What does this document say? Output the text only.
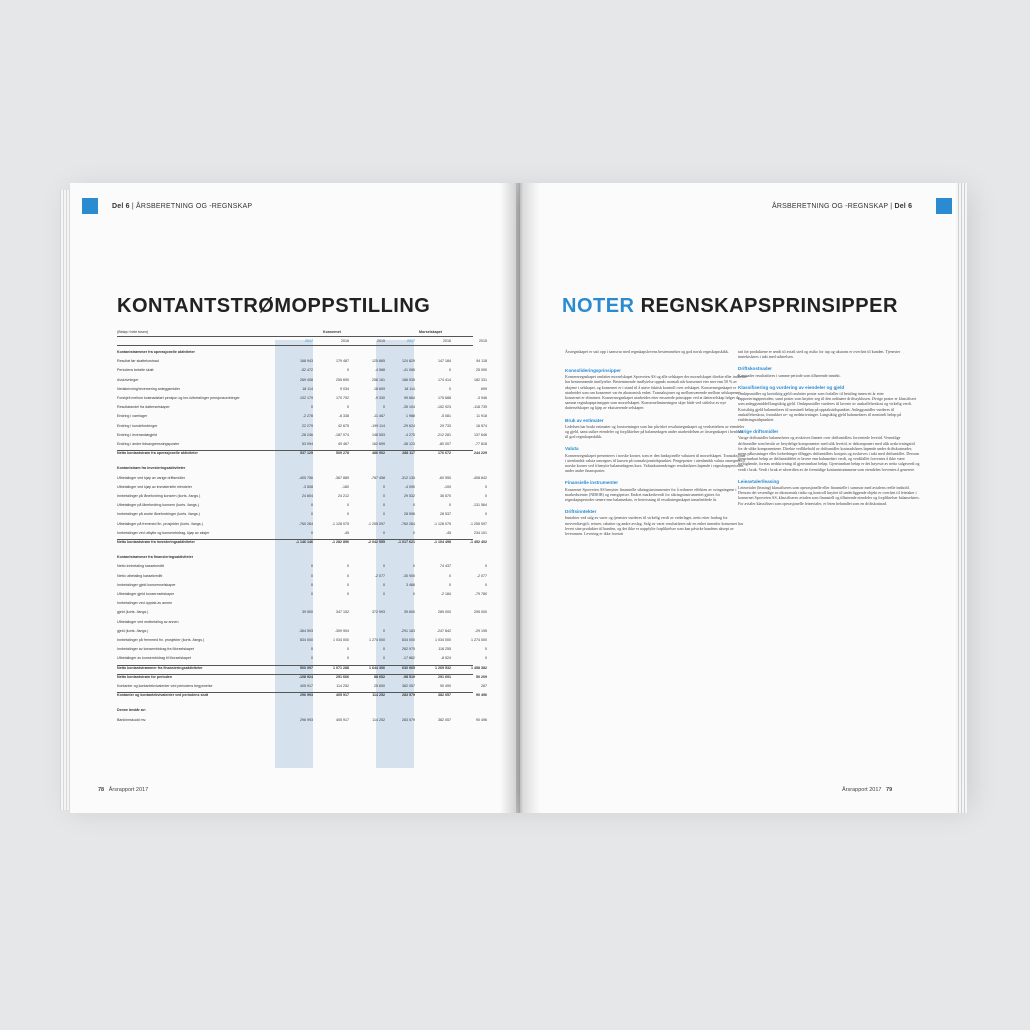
Del 6 | ÅRSBERETNING OG -REGNSKAP
KONTANTSTRØMOPPSTILLING
(Beløp i hele tusen)	Konsernet	Morselskapet
2017	2016	2015	2017	2016	2015
Kontantstrømmer fra operasjonelle aktiviteter
Resultat før skattekostnad	168 943	179 487	125 865	124 829	147 184	94 118
Periodens betalte skatt	-52 472	0	-4 588	-41 085	0	25 090
Avskrivninger	269 408	255 690	256 181	186 535	174 414	182 331
Nedskrivning/reversering anleggsmidler	18 114	9 034	18 609	18 114	0	699
Forskjell mellom kostnadsført pensjon og inn-/utbetalinger pensjonsordninger	102 179	170 792	-9 330	99 664	175 688	-3 946
Resultatandel fra datterselskaper	0	0	0	-35 104	-152 923	-118 739
Endring i varelager	-2 278	-6 338	-11 467	1 988	-5 081	11 918
Endring i kundefordringer	22 279	42 675	-199 114	-29 624	29 733	16 574
Endring i leverandørgjeld	-28 246	-187 074	148 553	-4 275	-212 281	137 646
Endring i andre tidsavgrensningsposter	53 094	49 467	162 699	-38 123	-80 007	-77 818
Netto kontantstrøm fra operasjonelle aktiviteter	537 125	509 278	486 902	288 117	176 672	244 229
Kontantstrøm fra investeringsaktiviteter
Utbetalinger ved kjøp av varige driftsmidler	-405 756	-367 889	-787 458	-312 135	-60 550	-408 842
Utbetalinger ved kjøp av immaterielle eiendeler	-3 508	-180	0	-4 090	-100	0
Innbetalinger på lånefordring konsern (korts. /langs.)	24 804	24 212	0	29 532	36 570	0
Utbetalinger på lånefordring konsern (korts. /langs.)	0	0	0	0	0	-131 564
Innbetalinger på andre lånefordringer (korts. /langs.)	0	0	0	28 596	28 537	0
Utbetalinger på fremmed fin. prosjekter (korts. /langs.)	-760 264	-1 128 075	-1 255 097	-760 264	-1 128 075	-1 255 097
Innbetalinger ved utbytte og konsernbidrag, kjøp av aksjer	0	-45	0	0	-45	234 101
Netto kontantstrøm fra investeringsaktiviteter	-1 146 146	-1 282 896	-2 042 555	-1 017 621	-1 104 498	-1 452 402
Kontantstrømmer fra finansieringsaktiviteter
Netto innbetaling kassekreditt	0	0	0	0	74 437	0
Netto utbetaling kassekreditt	0	0	-2 077	-30 900	0	-2 077
Innbetalinger gjeld konsernselskaper	0	0	0	3 466	0	0
Utbetalinger gjeld konsernselskaper	0	0	0	0	-2 184	-79 780
Innbetalinger ved opptak av annen
gjeld (korts. /langs.)	39 500	347 152	372 993	39 600	289 000	295 000
Utbetalinger ved nedbetaling av annen
gjeld (korts. /langs.)	-364 593	-309 904	0	-291 163	-247 842	-29 195
Innbetalinger på fremmed fin. prosjekter (korts. /langs.)	834 000	1 034 000	1 274 000	834 000	1 034 000	1 274 000
Innbetalinger av konsernbidrag fra Morselskapet	0	0	0	262 975	118 255	0
Utbetalinger av konsernbidrag til Morselskapet	0	0	0	-17 862	-8 524	0
Netto kontantstrømmer fra finansieringsaktiviteter	500 097	1 071 288	1 644 306	630 965	1 269 532	1 458 382
Netto kontantstrøm for perioden	-108 924	291 666	88 652	-98 519	291 691	50 209
Kontanter og kontantekvivalenter ved periodens begynnelse	405 917	114 252	25 600	382 057	90 490	287
Kontanter og kontantekvivalenter ved periodens slutt	296 993	405 917	114 252	283 579	382 057	90 496
Denne består av:
Bankinnskudd mv.	296 993	405 917	114 252	283 579	382 057	90 496
78 Årsrapport 2017
ÅRSBERETNING OG -REGNSKAP | Del 6
NOTER REGNSKAPSPRINSIPPER
Årsregnskapet er satt opp i samsvar med regnskapslovens bestemmelser og god norsk regnskapsskikk.
Konsolideringsprinsipper

Konsernregnskapet omfatter morselskapet Sporveien AS og alle selskaper der morselskapet direkte eller indirekte har bestemmende innflytelse. Bestemmende innflytelse oppnås normalt når konsernet eier mer enn 50 % av aksjene i selskapet, og konsernet er i stand til å utøve faktisk kontroll over selskapet. Konsernregnskapet er utarbeidet som om konsernet var én økonomisk enhet. Transaksjoner og mellomværende mellom selskapene i konsernet er eliminert. Konsernregnskapet utarbeides etter ensartede prinsipper ved at datterselskap følger de samme regnskapsprinsipper som morselskapet. Konsernelimineringen skjer både ved stiftelse av nye datterselskaper og kjøp av eksisterende selskaper.

Bruk av estimater

Ledelsen har brukt estimater og forutsetninger som har påvirket resultatregnskapet og verdsettelsen av eiendeler og gjeld, samt usikre eiendeler og forpliktelser på balansedagen under utarbeidelsen av årsregnskapet i henhold til god regnskapsskikk.

Valuta

Konsernregnskapet presenteres i norske kroner, som er den funksjonelle valutaen til morselskapet. Transaksjoner i utenlandsk valuta omregnes til kursen på transaksjonstidspunktet. Pengeposter i utenlandsk valuta omregnes til norske kroner ved å benytte balansedagens kurs. Valutakursendringer resultatføres løpende i regnskapsperioden under andre finansposter.

Finansielle instrumenter

Konsernet Sporveien AS benytter finansielle sikringsinstrumenter for å redusere effekten av svingningene i markedsrenter (NIBOR) og energipriser. Endret markedsverdi for sikringsinstrumentet gjøres for regnskapsperioder senere enn balansedato, er henvisning til resultatregnskapet innarbeidede år.

Driftsinntekter

Inntekter ved salg av varer og tjenester vurderes til virkelig verdi av vederlaget, netto etter fradrag for merverdiavgift, returer, rabatter og andre avslag. Salg av varer resultatføres når en enhet innenfor konsernet har levert sine produkter til kunden, og det ikke er uoppfylte forpliktelser som kan påvirke kundens aksept av leveransen. Levering er ikke foretatt

tatt før produktene er sendt til avtalt sted og risiko for tap og ukurans er overført til kunden. Tjenester inntektsføres i takt med utførelsen.

Driftskostnader

Kostnader resultatføres i samme periode som tilhørende inntekt.

Klassifisering og vurdering av eiendeler og gjeld

Omløpsmidler og kortsiktig gjeld omfatter poster som forfaller til betaling innen ett år etter rapporteringsperioden, samt poster som knytter seg til den ordinære driftssyklusen. Øvrige poster er klassifisert som anleggsmiddel/langsiktig gjeld. Omløpsmidler vurderes til laveste av anskaffelseskost og virkelig verdi. Kortsiktig gjeld balanseføres til nominelt beløp på opptakstidspunktet. Anleggsmidler vurderes til anskaffelseskost, fratrukket av- og nedskrivninger. Langsiktig gjeld balanseføres til nominelt beløp på etableringstidspunktet.

Varige driftsmidler

Varige driftsmidler balanseføres og avskrives lineært over driftsmidlets forventede levetid. Vesentlige driftsmidler som består av betydelige komponenter med ulik levetid, er dekomponert med ulik avskrivningstid for de ulike komponentene. Direkte vedlikehold av driftsmidler kostnadsføres løpende under driftskostnader, mens påkostninger eller forbedringer tillegges driftsmidlets kostpris og avskrives i takt med driftsmidlet. Dersom gjenvinnbart beløp av driftsmiddelet er lavere enn balanseført verdi, og verdifallet forventes å ikke være forbigående, foretas nedskrivning til gjenvinnbart beløp. Gjenvinnbart beløp er det høyeste av netto salgsverdi og verdi i bruk. Verdi i bruk er nåverdien av de fremtidige kontantstrømmene som eiendelen forventes å generere.

Leieavtaler/leasing

Leieavtaler (leasing) klassifiseres som operasjonelle eller finansielle i samsvar med avtalens reelle innhold. Dersom det vesentlige av økonomisk risiko og kontroll knyttet til underliggende objekt er overført til leietaker i konsernet Sporveien AS, klassifiseres avtalen som finansiell og tilhørende eiendeler og forpliktelser balanseføres. For avtaler klassifisert som operasjonelle leieavtaler, er leien behandlet som en driftskostnad.

Årsrapport 2017 79
